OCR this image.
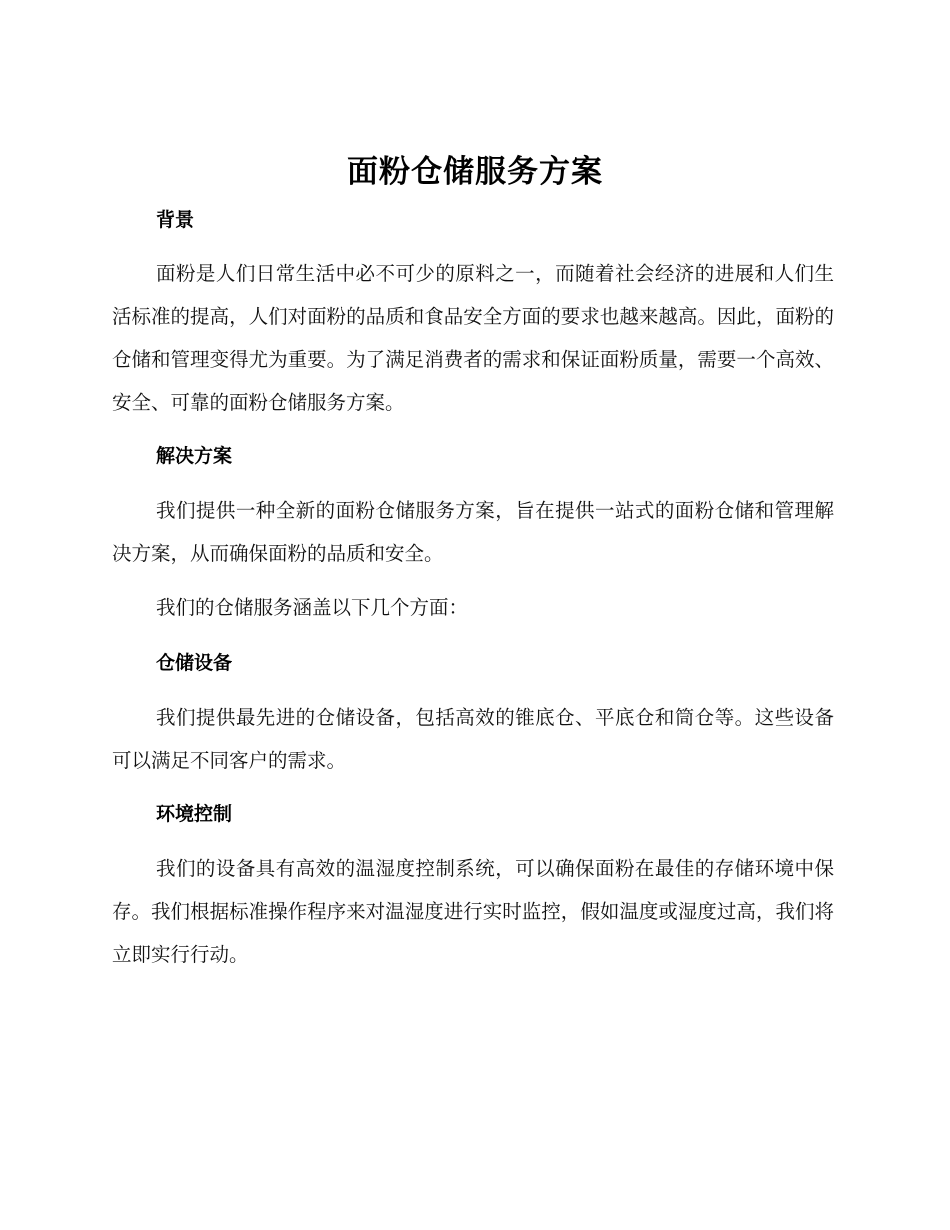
面粉仓储服务方案
背景

面粉是人们日常生活中必不可少的原料之一，而随着社会经济的进展和人们生活标准的提高，人们对面粉的品质和食品安全方面的要求也越来越高。因此，面粉的仓储和管理变得尤为重要。为了满足消费者的需求和保证面粉质量，需要一个高效、安全、可靠的面粉仓储服务方案。

解决方案

我们提供一种全新的面粉仓储服务方案，旨在提供一站式的面粉仓储和管理解决方案，从而确保面粉的品质和安全。

我们的仓储服务涵盖以下几个方面：

仓储设备

我们提供最先进的仓储设备，包括高效的锥底仓、平底仓和筒仓等。这些设备可以满足不同客户的需求。

环境控制

我们的设备具有高效的温湿度控制系统，可以确保面粉在最佳的存储环境中保存。我们根据标准操作程序来对温湿度进行实时监控，假如温度或湿度过高，我们将立即实行行动。
